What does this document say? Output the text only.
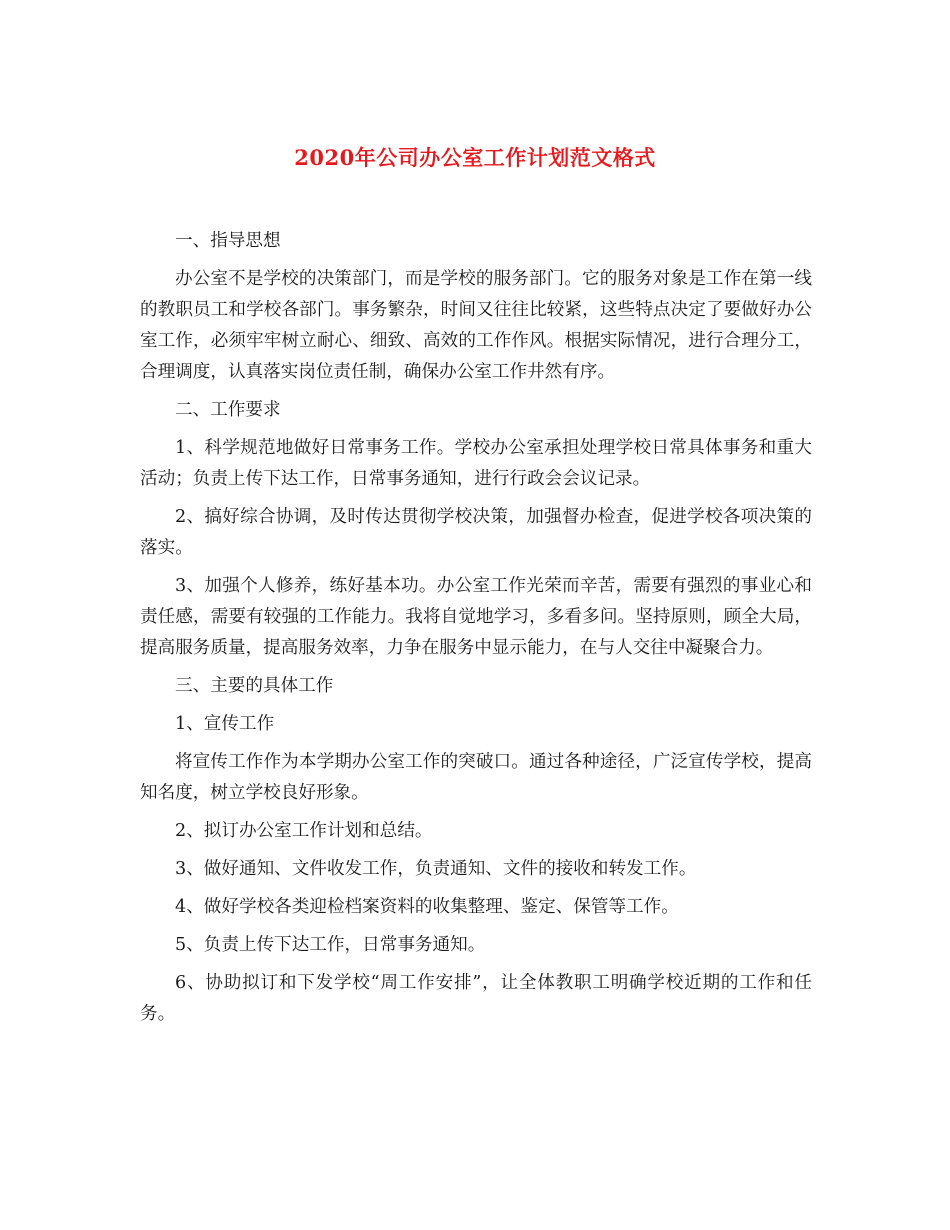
2020年公司办公室工作计划范文格式

一、指导思想

办公室不是学校的决策部门，而是学校的服务部门。它的服务对象是工作在第一线的教职员工和学校各部门。事务繁杂，时间又往往比较紧，这些特点决定了要做好办公室工作，必须牢牢树立耐心、细致、高效的工作作风。根据实际情况，进行合理分工，合理调度，认真落实岗位责任制，确保办公室工作井然有序。

二、工作要求

1、科学规范地做好日常事务工作。学校办公室承担处理学校日常具体事务和重大活动；负责上传下达工作，日常事务通知，进行行政会会议记录。

2、搞好综合协调，及时传达贯彻学校决策，加强督办检查，促进学校各项决策的落实。

3、加强个人修养，练好基本功。办公室工作光荣而辛苦，需要有强烈的事业心和责任感，需要有较强的工作能力。我将自觉地学习，多看多问。坚持原则，顾全大局，提高服务质量，提高服务效率，力争在服务中显示能力，在与人交往中凝聚合力。

三、主要的具体工作

1、宣传工作

将宣传工作作为本学期办公室工作的突破口。通过各种途径，广泛宣传学校，提高知名度，树立学校良好形象。

2、拟订办公室工作计划和总结。

3、做好通知、文件收发工作，负责通知、文件的接收和转发工作。

4、做好学校各类迎检档案资料的收集整理、鉴定、保管等工作。

5、负责上传下达工作，日常事务通知。

6、协助拟订和下发学校“周工作安排”，让全体教职工明确学校近期的工作和任务。
